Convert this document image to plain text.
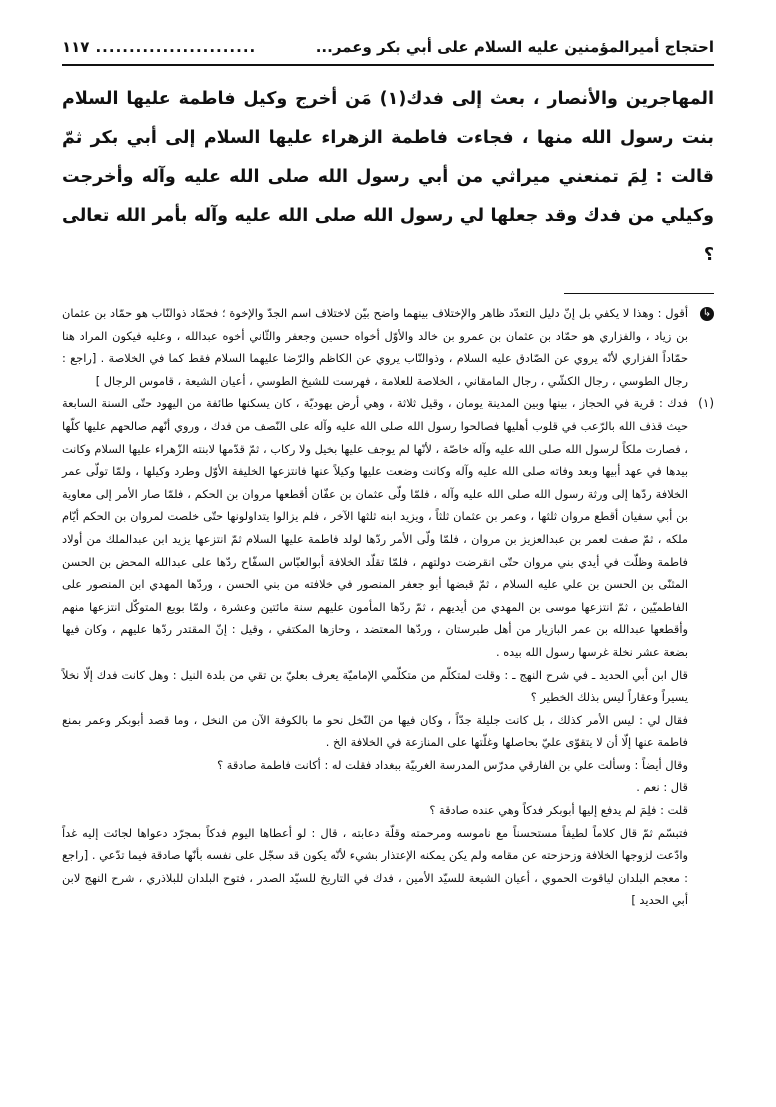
احتجاج أميرالمؤمنين عليه السلام على أبي بكر وعمر...
........................
١١٧
المهاجرين والأنصار ، بعث إلى فدك(١) مَن أخرج وكيل فاطمة عليها السلام بنت رسول الله منها ، فجاءت فاطمة الزهراء عليها السلام إلى أبي بكر ثمّ قالت : لِمَ تمنعني ميراثي من أبي رسول الله صلى الله عليه وآله وأخرجت وكيلي من فدك وقد جعلها لي رسول الله صلى الله عليه وآله بأمر الله تعالى ؟
↳

أقول : وهذا لا يكفي بل إنّ دليل التعدّد ظاهر والإختلاف بينهما واضح بيّن لاختلاف اسم الجدّ والإخوة ؛ فحمّاد ذوالنّاب هو حمّاد بن عثمان بن زياد ، والفزاري هو حمّاد بن عثمان بن عمرو بن خالد والأوّل أخواه حسين وجعفر والثّاني أخوه عبدالله ، وعليه فيكون المراد هنا حمّاداً الفزاري لأنّه يروي عن الصّادق عليه السلام ، وذوالنّاب يروي عن الكاظم والرّضا عليهما السلام فقط كما في الخلاصة . [راجع : رجال الطوسي ، رجال الكشّي ، رجال المامقاني ، الخلاصة للعلامة ، فهرست للشيخ الطوسي ، أعيان الشيعة ، قاموس الرجال ]

(١)

فدك : قرية في الحجاز ، بينها وبين المدينة يومان ، وقيل ثلاثة ، وهي أرض يهوديّة ، كان يسكنها طائفة من اليهود حتّى السنة السابعة حيث قذف الله بالرّعب في قلوب أهليها فصالحوا رسول الله صلى الله عليه وآله على النّصف من فدك ، وروي أنّهم صالحهم عليها كلّها ، فصارت ملكاً لرسول الله صلى الله عليه وآله خاصّة ، لأنّها لم يوجف عليها بخيل ولا ركاب ، ثمّ قدّمها لابنته الزّهراء عليها السلام وكانت بيدها في عهد أبيها وبعد وفاته صلى الله عليه وآله وكانت وضعت عليها وكيلاً عنها فانتزعها الخليفة الأوّل وطرد وكيلها ، ولمّا تولّى عمر الخلافة ردّها إلى ورثة رسول الله صلى الله عليه وآله ، فلمّا ولّى عثمان بن عفّان أقطعها مروان بن الحكم ، فلمّا صار الأمر إلى معاوية بن أبي سفيان أقطع مروان ثلثها ، وعمر بن عثمان ثلثاً ، ويزيد ابنه ثلثها الآخر ، فلم يزالوا يتداولونها حتّى خلصت لمروان بن الحكم أيّام ملكه ، ثمّ صفت لعمر بن عبدالعزيز بن مروان ، فلمّا ولّى الأمر ردّها لولد فاطمة عليها السلام ثمّ انتزعها يزيد ابن عبدالملك من أولاد فاطمة وظلّت في أيدي بني مروان حتّى انقرضت دولتهم ، فلمّا تقلّد الخلافة أبوالعبّاس السفّاح ردّها على عبدالله المحض بن الحسن المثنّى بن الحسن بن علي عليه السلام ، ثمّ قبضها أبو جعفر المنصور في خلافته من بني الحسن ، وردّها المهدي ابن المنصور على الفاطميّين ، ثمّ انتزعها موسى بن المهدي من أيديهم ، ثمّ ردّها المأمون عليهم سنة مائتين وعشرة ، ولمّا بويع المتوكّل انتزعها منهم وأقطعها عبدالله بن عمر البازيار من أهل طبرستان ، وردّها المعتضد ، وحازها المكتفي ، وقيل : إنّ المقتدر ردّها عليهم ، وكان فيها بضعة عشر نخلة غرسها رسول الله بيده .

قال ابن أبي الحديد ـ في شرح النهج ـ : وقلت لمتكلّم من متكلّمي الإماميّة يعرف بعليّ بن تقي من بلدة النيل : وهل كانت فدك إلّا نخلاً يسيراً وعقاراً ليس بذلك الخطير ؟

فقال لي : ليس الأمر كذلك ، بل كانت جليلة جدّاً ، وكان فيها من النّخل نحو ما بالكوفة الآن من النخل ، وما قصد أبوبكر وعمر بمنع فاطمة عنها إلّا أن لا يتقوّى عليّ بحاصلها وغلّتها على المنازعة في الخلافة الخ .

وقال أيضاً : وسألت علي بن الفارقي مدرّس المدرسة الغربيّة ببغداد فقلت له : أكانت فاطمة صادقة ؟

قال : نعم .

قلت : فلِمَ لم يدفع إليها أبوبكر فدكاً وهي عنده صادقة ؟

فتبسّم ثمّ قال كلاماً لطيفاً مستحسناً مع ناموسه ومرحمته وقلّة دعابته ، قال : لو أعطاها اليوم فدكاً بمجرّد دعواها لجائت إليه غداً وادّعت لزوجها الخلافة وزحزحته عن مقامه ولم يكن يمكنه الإعتذار بشيء لأنّه يكون قد سجّل على نفسه بأنّها صادقة فيما تدّعي . [راجع : معجم البلدان لياقوت الحموي ، أعيان الشيعة للسيّد الأمين ، فدك في التاريخ للسيّد الصدر ، فتوح البلدان للبلاذري ، شرح النهج لابن أبي الحديد ]
